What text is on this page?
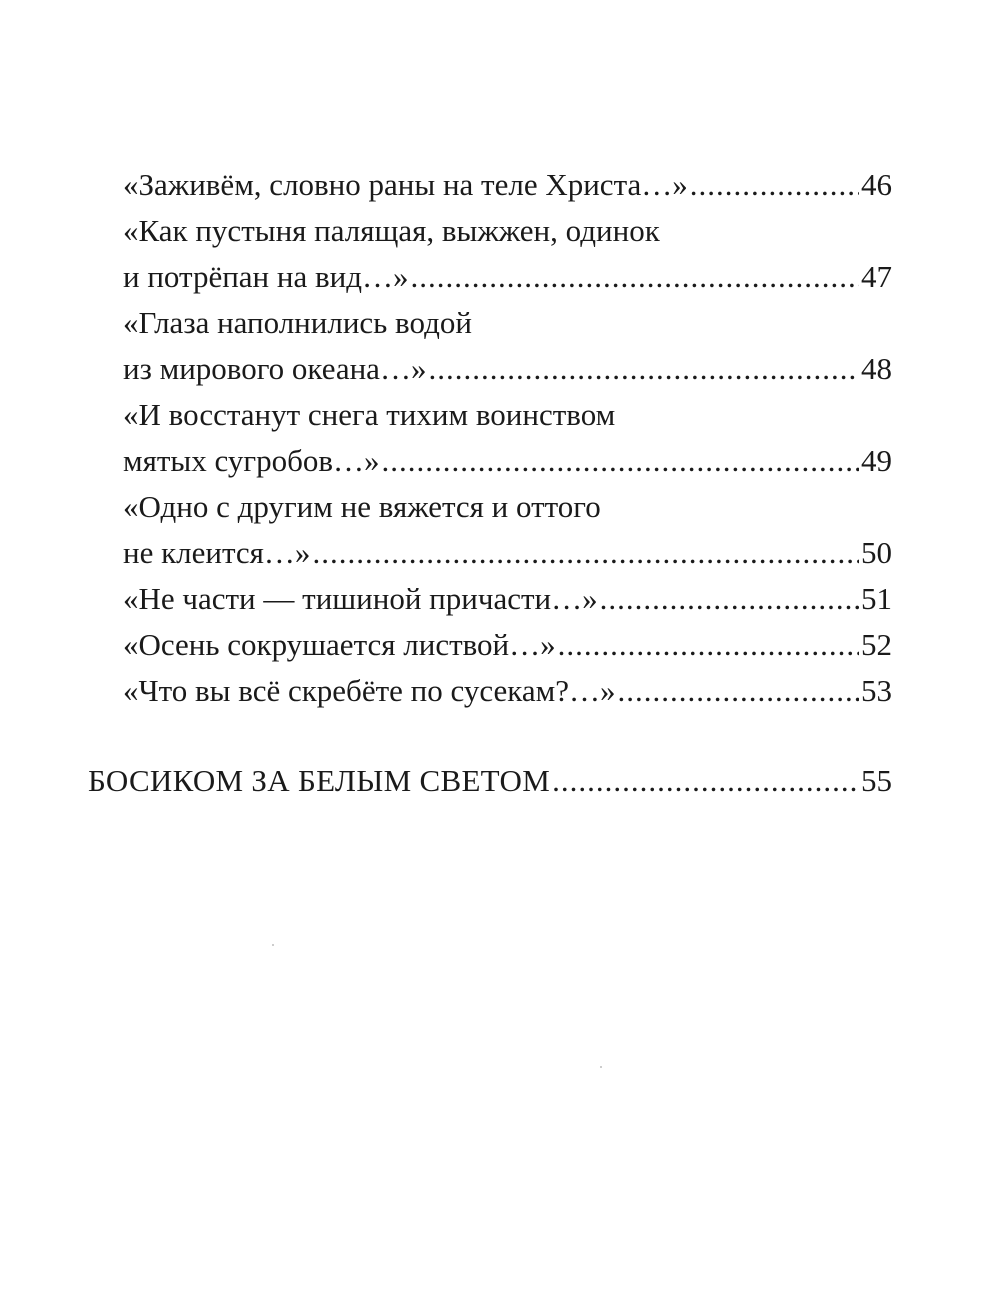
«Заживём, словно раны на теле Христа…» .....	46
«Как пустыня палящая, выжжен, одинок
и потрёпан на вид…» .....	47
«Глаза наполнились водой
из мирового океана…» .....	48
«И восстанут снега тихим воинством
мятых сугробов…» .....	49
«Одно с другим не вяжется и оттого
не клеится…» .....	50
«Не части — тишиной причасти…» .....	51
«Осень сокрушается листвой…» .....	52
«Что вы всё скребёте по сусекам?…» .....	53
БОСИКОМ ЗА БЕЛЫМ СВЕТОМ .....	55
